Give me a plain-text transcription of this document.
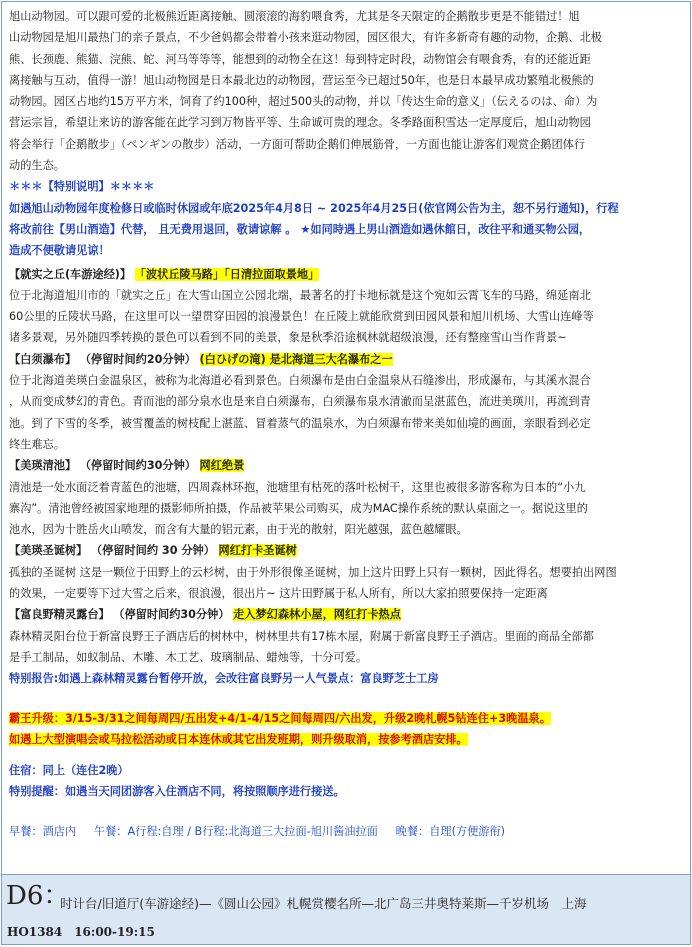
旭山动物园。可以跟可爱的北极熊近距离接触、圆滚滚的海豹喂食秀，尤其是冬天限定的企鹅散步更是不能错过！旭
山动物园是旭川最热门的亲子景点，不少爸妈都会带着小孩来逛动物园，园区很大，有许多新奇有趣的动物，企鹅、北极
熊、长颈鹿、熊猫、浣熊、蛇、河马等等等，能想到的动物全在这！每到特定时段，动物馆会有喂食秀，有的还能近距
离接触与互动，值得一游！旭山动物园是日本最北边的动物园，营运至今已超过50年，也是日本最早成功繁殖北极熊的
动物园。园区占地约15万平方米，饲育了约100种，超过500头的动物，并以「传达生命的意义」（伝えるのは、命）为
营运宗旨，希望让来访的游客能在此学习到万物皆平等、生命诚可贵的理念。冬季路面积雪达一定厚度后，旭山动物园
将会举行「企鹅散步」（ペンギンの散步）活动，一方面可帮助企鹅们伸展筋骨，一方面也能让游客们观赏企鹅团体行
动的生态。
＊＊＊【特别说明】＊＊＊＊
如遇旭山动物园年度检修日或临时休园或年底2025年4月8日 ~ 2025年4月25日(依官网公告为主，恕不另行通知)，行程
将改前往【男山酒造】代替， 且无费用退回，敬请谅解 。 ★如同時遇上男山酒造如遇休館日，改往平和通买物公园，
造成不便敬请见谅！
【就实之丘(车游途经)】 「波状丘陵马路」「日清拉面取景地」
位于北海道旭川市的「就实之丘」在大雪山国立公园北端，最著名的打卡地标就是这个宛如云霄飞车的马路，绵延南北
60公里的丘陵状马路，在这里可以一望贯穿田园的浪漫景色！在丘陵上就能欣赏到田园风景和旭川机场、大雪山连峰等
诸多景观，另外随四季转换的景色可以看到不同的美景，象是秋季沿途枫林就超级浪漫，还有整座雪山当作背景~
【白须瀑布】 （停留时间约20分钟） (白ひげの滝) 是北海道三大名瀑布之一
位于北海道美瑛白金温泉区，被称为北海道必看到景色。白须瀑布是由白金温泉从石缝渗出，形成瀑布，与其溪水混合
，从而变成梦幻的青色。青而池的部分泉水也是来自白须瀑布，白须瀑布泉水清澈而呈湛蓝色，流进美瑛川，再流到青
池。到了下雪的冬季，被雪覆盖的树枝配上湛蓝、冒着蒸气的温泉水，为白须瀑布带来美如仙境的画面，亲眼看到必定
终生难忘。
【美瑛清池】 （停留时间约30分钟） 网红绝景
清池是一处水面泛着青蓝色的池塘，四周森林环抱，池塘里有枯死的落叶松树干，这里也被很多游客称为日本的“小九
寨沟”。清池曾经被国家地理的摄影师所拍摄，作品被苹果公司购买，成为MAC操作系统的默认桌面之一。据说这里的
池水，因为十胜岳火山喷发，而含有大量的铝元素，由于光的散射，阳光越强，蓝色越耀眼。
【美瑛圣诞树】 （停留时间约 30 分钟） 网红打卡圣诞树
孤独的圣诞树 这是一颗位于田野上的云杉树，由于外形很像圣诞树，加上这片田野上只有一颗树，因此得名。想要拍出网图
的效果，一定要等下过大雪之后来，很浪漫，很出片~ 这片田野属于私人所有，所以大家拍照要保持一定距离
【富良野精灵露台】 （停留时间约30分钟） 走入梦幻森林小屋，网红打卡热点
森林精灵阳台位于新富良野王子酒店后的树林中，树林里共有17栋木屋，附属于新富良野王子酒店。里面的商品全部都
是手工制品，如蚁制品、木雕、木工艺、玻璃制品、蜡烛等，十分可爱。
特别报告:如遇上森林精灵露台暂停开放，会改往富良野另一人气景点：富良野芝士工房
霸王升级：3/15-3/31之间每周四/五出发+4/1-4/15之间每周四/六出发，升级2晚札幌5钻连住+3晚温泉。
如遇上大型演唱会或马拉松活动或日本连休或其它出发班期，则升级取消，按参考酒店安排。
住宿：同上（连住2晚）
特别提醒：如遇当天同团游客入住酒店不同，将按照顺序进行接送。
早餐：酒店内 午餐：A行程:自理 / B行程:北海道三大拉面-旭川酱油拉面 晚餐：自理(方便游衔)
D6：
时计台/旧道厅(车游途经)—《圆山公园》札幌赏樱名所—北广岛三井奥特莱斯—千岁机场　上海
HO1384　16:00-19:15
